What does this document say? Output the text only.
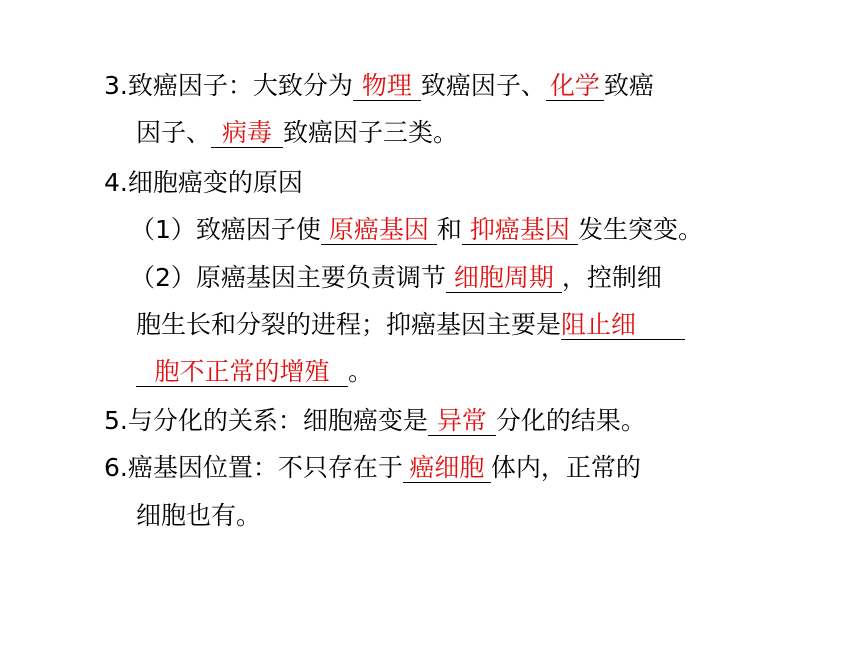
3.致癌因子：大致分为 物理 致癌因子、 化学 致癌
因子、 病毒 致癌因子三类。
4.细胞癌变的原因
（1）致癌因子使 原癌基因 和 抑癌基因 发生突变。
（2）原癌基因主要负责调节 细胞周期 ，控制细
胞生长和分裂的进程；抑癌基因主要是阻止细
胞不正常的增殖 。
5.与分化的关系：细胞癌变是 异常 分化的结果。
6.癌基因位置：不只存在于 癌细胞 体内，正常的
细胞也有。
